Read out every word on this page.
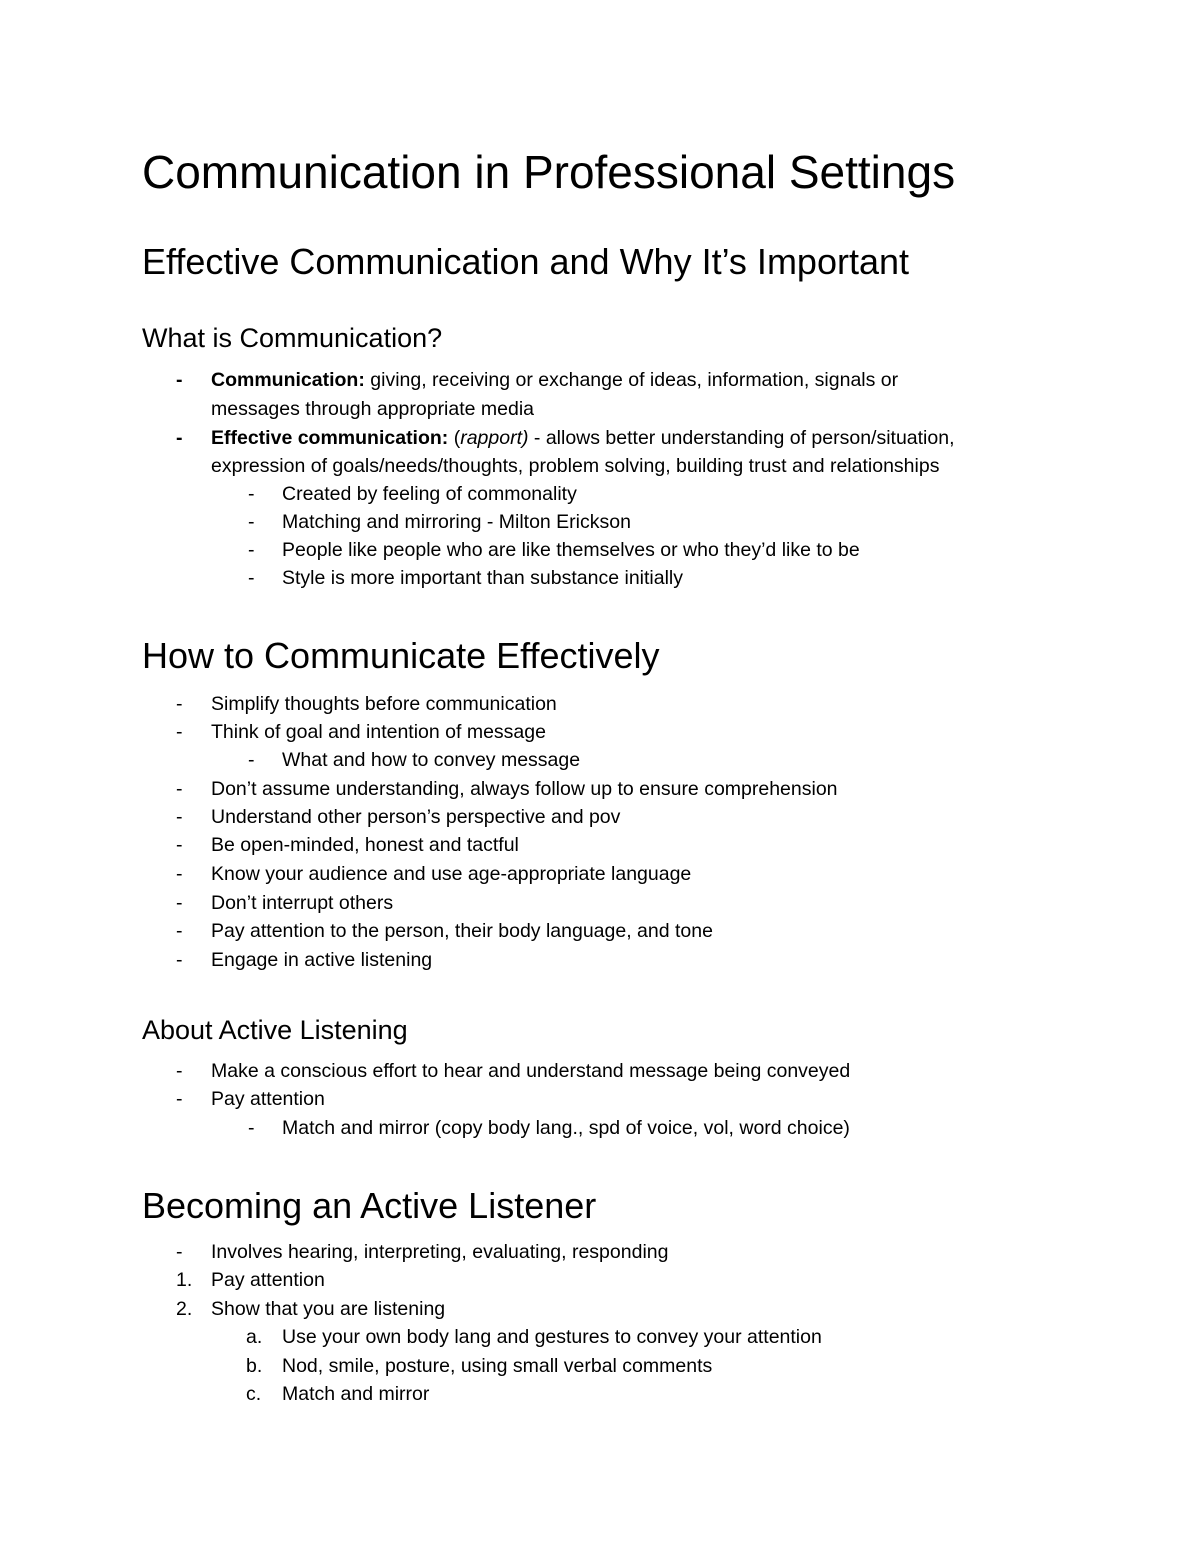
Communication in Professional Settings
Effective Communication and Why It’s Important
What is Communication?
- Communication: giving, receiving or exchange of ideas, information, signals or
messages through appropriate media
- Effective communication: (rapport) - allows better understanding of person/situation,
expression of goals/needs/thoughts, problem solving, building trust and relationships
- Created by feeling of commonality
- Matching and mirroring - Milton Erickson
- People like people who are like themselves or who they’d like to be
- Style is more important than substance initially
How to Communicate Effectively
- Simplify thoughts before communication
- Think of goal and intention of message
- What and how to convey message
- Don’t assume understanding, always follow up to ensure comprehension
- Understand other person’s perspective and pov
- Be open-minded, honest and tactful
- Know your audience and use age-appropriate language
- Don’t interrupt others
- Pay attention to the person, their body language, and tone
- Engage in active listening
About Active Listening
- Make a conscious effort to hear and understand message being conveyed
- Pay attention
- Match and mirror (copy body lang., spd of voice, vol, word choice)
Becoming an Active Listener
- Involves hearing, interpreting, evaluating, responding
1. Pay attention
2. Show that you are listening
a. Use your own body lang and gestures to convey your attention
b. Nod, smile, posture, using small verbal comments
c. Match and mirror
